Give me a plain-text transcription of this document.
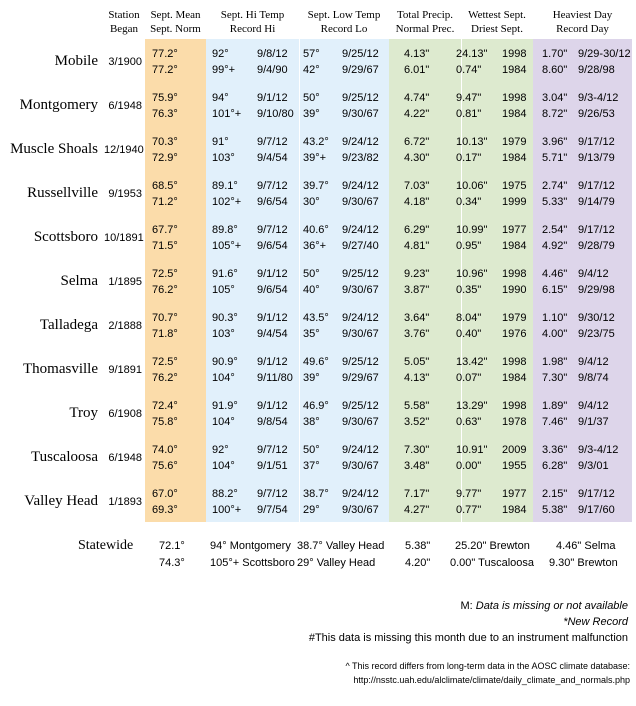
Station
Began
Sept. Mean
Sept. Norm
Sept. Hi Temp
Record Hi
Sept. Low Temp
Record Lo
Total Precip.
Normal Prec.
Wettest Sept.
Driest Sept.
Heaviest Day
Record Day
Mobile 3/1900
77.2°
77.2°
92°
99°+
9/8/12
9/4/90
57°
42°
9/25/12
9/29/67
4.13"
6.01"
24.13"
0.74"
1998
1984
1.70"
8.60"
9/29-30/12
9/28/98
Montgomery 6/1948
75.9°
76.3°
94°
101°+
9/1/12
9/10/80
50°
39°
9/25/12
9/30/67
4.74"
4.22"
9.47"
0.81"
1998
1984
3.04"
8.72"
9/3-4/12
9/26/53
Muscle Shoals 12/1940
70.3°
72.9°
91°
103°
9/7/12
9/4/54
43.2°
39°+
9/24/12
9/23/82
6.72"
4.30"
10.13"
0.17"
1979
1984
3.96"
5.71"
9/17/12
9/13/79
Russellville 9/1953
68.5°
71.2°
89.1°
102°+
9/7/12
9/6/54
39.7°
30°
9/24/12
9/30/67
7.03"
4.18"
10.06"
0.34"
1975
1999
2.74"
5.33"
9/17/12
9/14/79
Scottsboro 10/1891
67.7°
71.5°
89.8°
105°+
9/7/12
9/6/54
40.6°
36°+
9/24/12
9/27/40
6.29"
4.81"
10.99"
0.95"
1977
1984
2.54"
4.92"
9/17/12
9/28/79
Selma 1/1895
72.5°
76.2°
91.6°
105°
9/1/12
9/6/54
50°
40°
9/25/12
9/30/67
9.23"
3.87"
10.96"
0.35"
1998
1990
4.46"
6.15"
9/4/12
9/29/98
Talladega 2/1888
70.7°
71.8°
90.3°
103°
9/1/12
9/4/54
43.5°
35°
9/24/12
9/30/67
3.64"
3.76"
8.04"
0.40"
1979
1976
1.10"
4.00"
9/30/12
9/23/75
Thomasville 9/1891
72.5°
76.2°
90.9°
104°
9/1/12
9/11/80
49.6°
39°
9/25/12
9/29/67
5.05"
4.13"
13.42"
0.07"
1998
1984
1.98"
7.30"
9/4/12
9/8/74
Troy 6/1908
72.4°
75.8°
91.9°
104°
9/1/12
9/8/54
46.9°
38°
9/25/12
9/30/67
5.58"
3.52"
13.29"
0.63"
1998
1978
1.89"
7.46"
9/4/12
9/1/37
Tuscaloosa 6/1948
74.0°
75.6°
92°
104°
9/7/12
9/1/51
50°
37°
9/24/12
9/30/67
7.30"
3.48"
10.91"
0.00"
2009
1955
3.36"
6.28"
9/3-4/12
9/3/01
Valley Head 1/1893
67.0°
69.3°
88.2°
100°+
9/7/12
9/7/54
38.7°
29°
9/24/12
9/30/67
7.17"
4.27"
9.77"
0.77"
1977
1984
2.15"
5.38"
9/17/12
9/17/60
Statewide 72.1°
74.3°
94° Montgomery
105°+ Scottsboro
38.7° Valley Head
29° Valley Head
5.38"
4.20"
25.20" Brewton
0.00" Tuscaloosa
4.46" Selma
9.30" Brewton
M: Data is missing or not available
*New Record
#This data is missing this month due to an instrument malfunction
^ This record differs from long-term data in the AOSC climate database:
http://nsstc.uah.edu/alclimate/climate/daily_climate_and_normals.php
